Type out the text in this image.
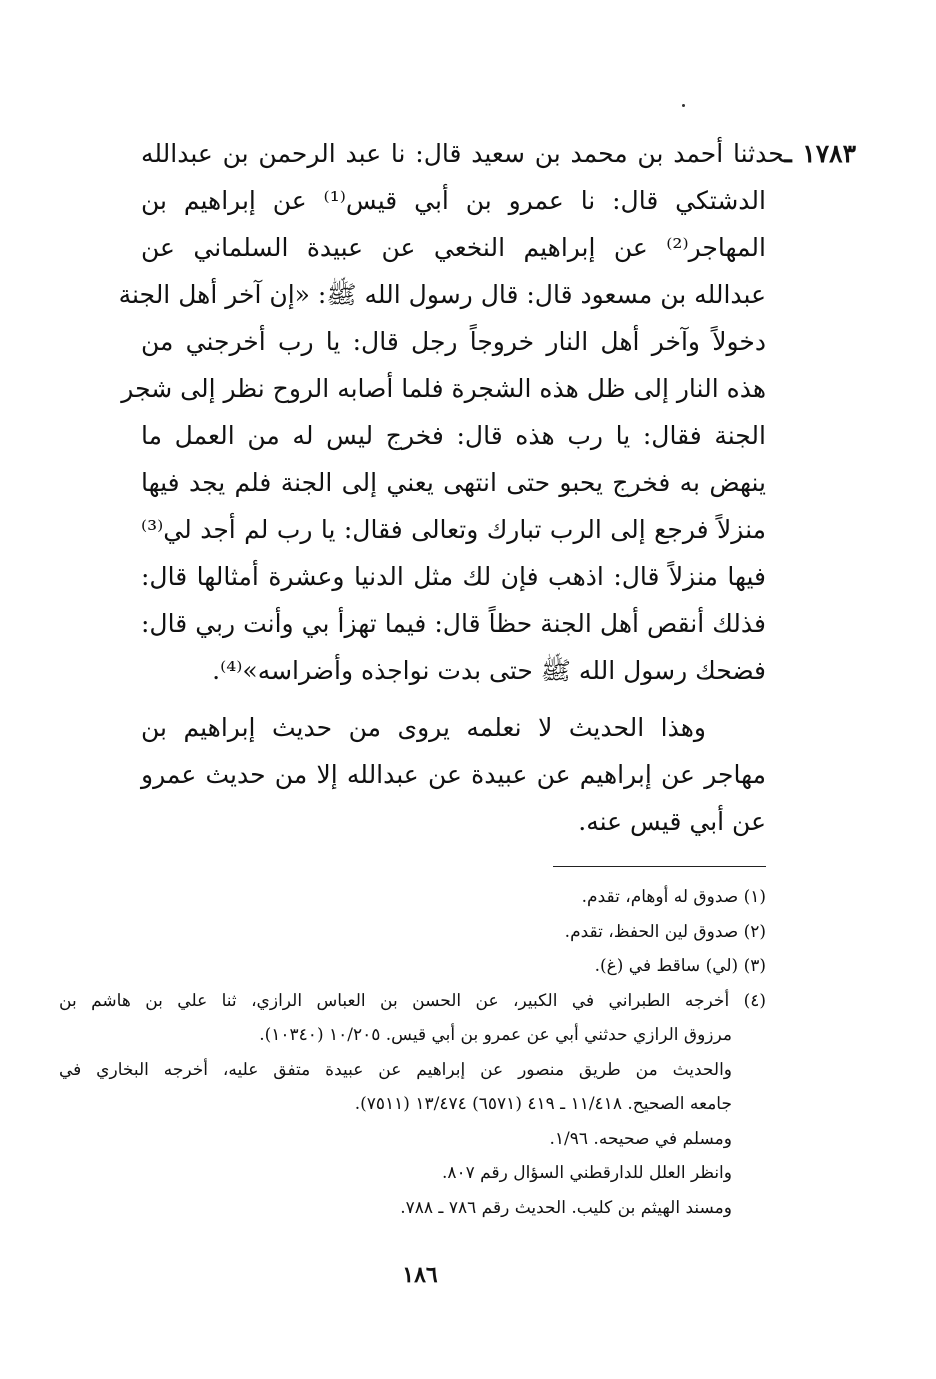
١٧٨٣ ـحدثنا أحمد بن محمد بن سعيد قال: نا عبد الرحمن بن عبدالله
الدشتكي قال: نا عمرو بن أبي قيس⁽¹⁾ عن إبراهيم بن
المهاجر⁽²⁾ عن إبراهيم النخعي عن عبيدة السلماني عن
عبدالله بن مسعود قال: قال رسول الله ﷺ: «إن آخر أهل الجنة
دخولاً وآخر أهل النار خروجاً رجل قال: يا رب أخرجني من
هذه النار إلى ظل هذه الشجرة فلما أصابه الروح نظر إلى شجر
الجنة فقال: يا رب هذه قال: فخرج ليس له من العمل ما
ينهض به فخرج يحبو حتى انتهى يعني إلى الجنة فلم يجد فيها
منزلاً فرجع إلى الرب تبارك وتعالى فقال: يا رب لم أجد لي⁽³⁾
فيها منزلاً قال: اذهب فإن لك مثل الدنيا وعشرة أمثالها قال:
فذلك أنقص أهل الجنة حظاً قال: فيما تهزأ بي وأنت ربي قال:
فضحك رسول الله ﷺ حتى بدت نواجذه وأضراسه»⁽⁴⁾.
وهذا الحديث لا نعلمه يروى من حديث إبراهيم بن
مهاجر عن إبراهيم عن عبيدة عن عبدالله إلا من حديث عمرو
عن أبي قيس عنه.
(١) صدوق له أوهام، تقدم.
(٢) صدوق لين الحفظ، تقدم.
(٣) (لي) ساقط في (غ).
(٤) أخرجه الطبراني في الكبير، عن الحسن بن العباس الرازي، ثنا علي بن هاشم بن
مرزوق الرازي حدثني أبي عن عمرو بن أبي قيس. ١٠/٢٠٥ (١٠٣٤٠).
والحديث من طريق منصور عن إبراهيم عن عبيدة متفق عليه، أخرجه البخاري في
جامعه الصحيح. ١١/٤١٨ ـ ٤١٩ (٦٥٧١) ١٣/٤٧٤ (٧٥١١).
ومسلم في صحيحه. ١/٩٦.
وانظر العلل للدارقطني السؤال رقم ٨٠٧.
ومسند الهيثم بن كليب. الحديث رقم ٧٨٦ ـ ٧٨٨.
١٨٦
